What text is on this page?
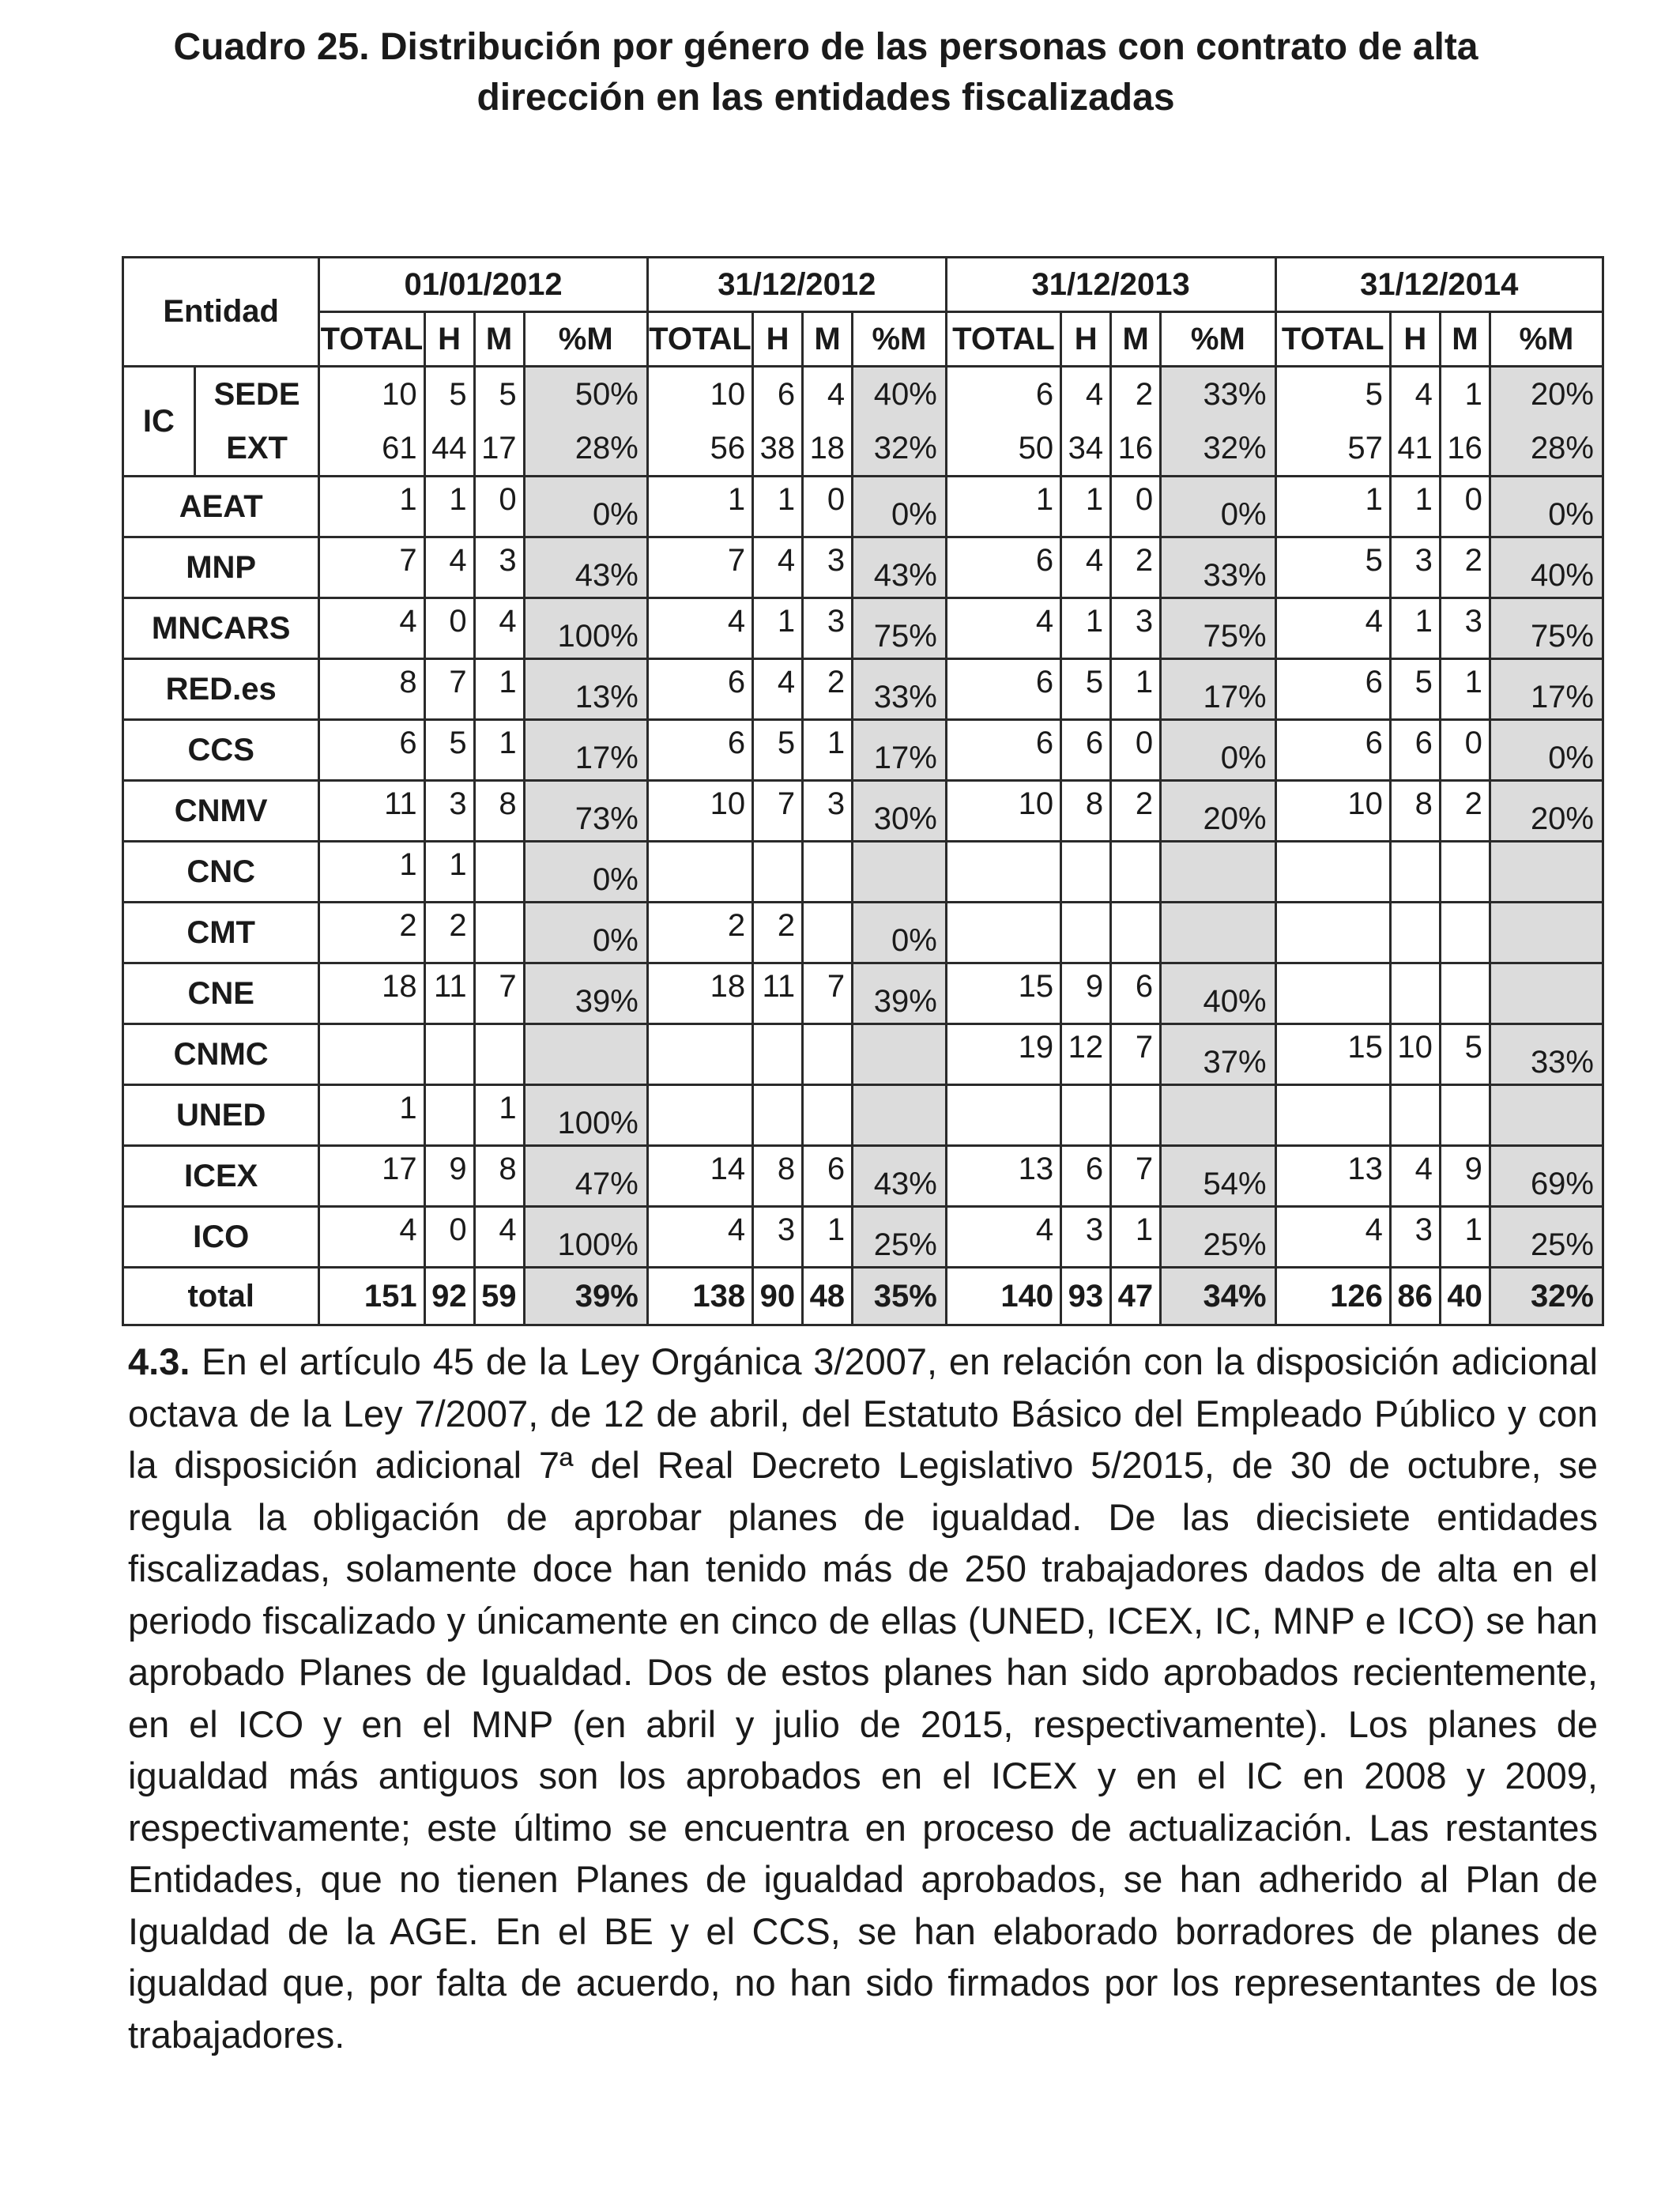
Cuadro 25. Distribución por género de las personas con contrato de alta dirección en las entidades fiscalizadas
Entidad		01/01/2012				31/12/2012				31/12/2013				31/12/2014			
		TOTAL	H	M	%M	TOTAL	H	M	%M	TOTAL	H	M	%M	TOTAL	H	M	%M
IC	SEDE	10	5	5	50%	10	6	4	40%	6	4	2	33%	5	4	1	20%
	EXT	61	44	17	28%	56	38	18	32%	50	34	16	32%	57	41	16	28%
AEAT		1	1	0	0%	1	1	0	0%	1	1	0	0%	1	1	0	0%
MNP		7	4	3	43%	7	4	3	43%	6	4	2	33%	5	3	2	40%
MNCARS		4	0	4	100%	4	1	3	75%	4	1	3	75%	4	1	3	75%
RED.es		8	7	1	13%	6	4	2	33%	6	5	1	17%	6	5	1	17%
CCS		6	5	1	17%	6	5	1	17%	6	6	0	0%	6	6	0	0%
CNMV		11	3	8	73%	10	7	3	30%	10	8	2	20%	10	8	2	20%
CNC		1	1		0%												
CMT		2	2		0%	2	2		0%								
CNE		18	11	7	39%	18	11	7	39%	15	9	6	40%				
CNMC										19	12	7	37%	15	10	5	33%
UNED		1		1	100%												
ICEX		17	9	8	47%	14	8	6	43%	13	6	7	54%	13	4	9	69%
ICO		4	0	4	100%	4	3	1	25%	4	3	1	25%	4	3	1	25%
total		151	92	59	39%	138	90	48	35%	140	93	47	34%	126	86	40	32%
4.3. En el artículo 45 de la Ley Orgánica 3/2007, en relación con la disposición adicional octava de la Ley 7/2007, de 12 de abril, del Estatuto Básico del Empleado Público y con la disposición adicional 7ª del Real Decreto Legislativo 5/2015, de 30 de octubre, se regula la obligación de aprobar planes de igualdad. De las diecisiete entidades fiscalizadas, solamente doce han tenido más de 250 trabajadores dados de alta en el periodo fiscalizado y únicamente en cinco de ellas (UNED, ICEX, IC, MNP e ICO) se han aprobado Planes de Igualdad. Dos de estos planes han sido aprobados recientemente, en el ICO y en el MNP (en abril y julio de 2015, respectivamente). Los planes de igualdad más antiguos son los aprobados en el ICEX y en el IC en 2008 y 2009, respectivamente; este último se encuentra en proceso de actualización. Las restantes Entidades, que no tienen Planes de igualdad aprobados, se han adherido al Plan de Igualdad de la AGE. En el BE y el CCS, se han elaborado borradores de planes de igualdad que, por falta de acuerdo, no han sido firmados por los representantes de los trabajadores.
